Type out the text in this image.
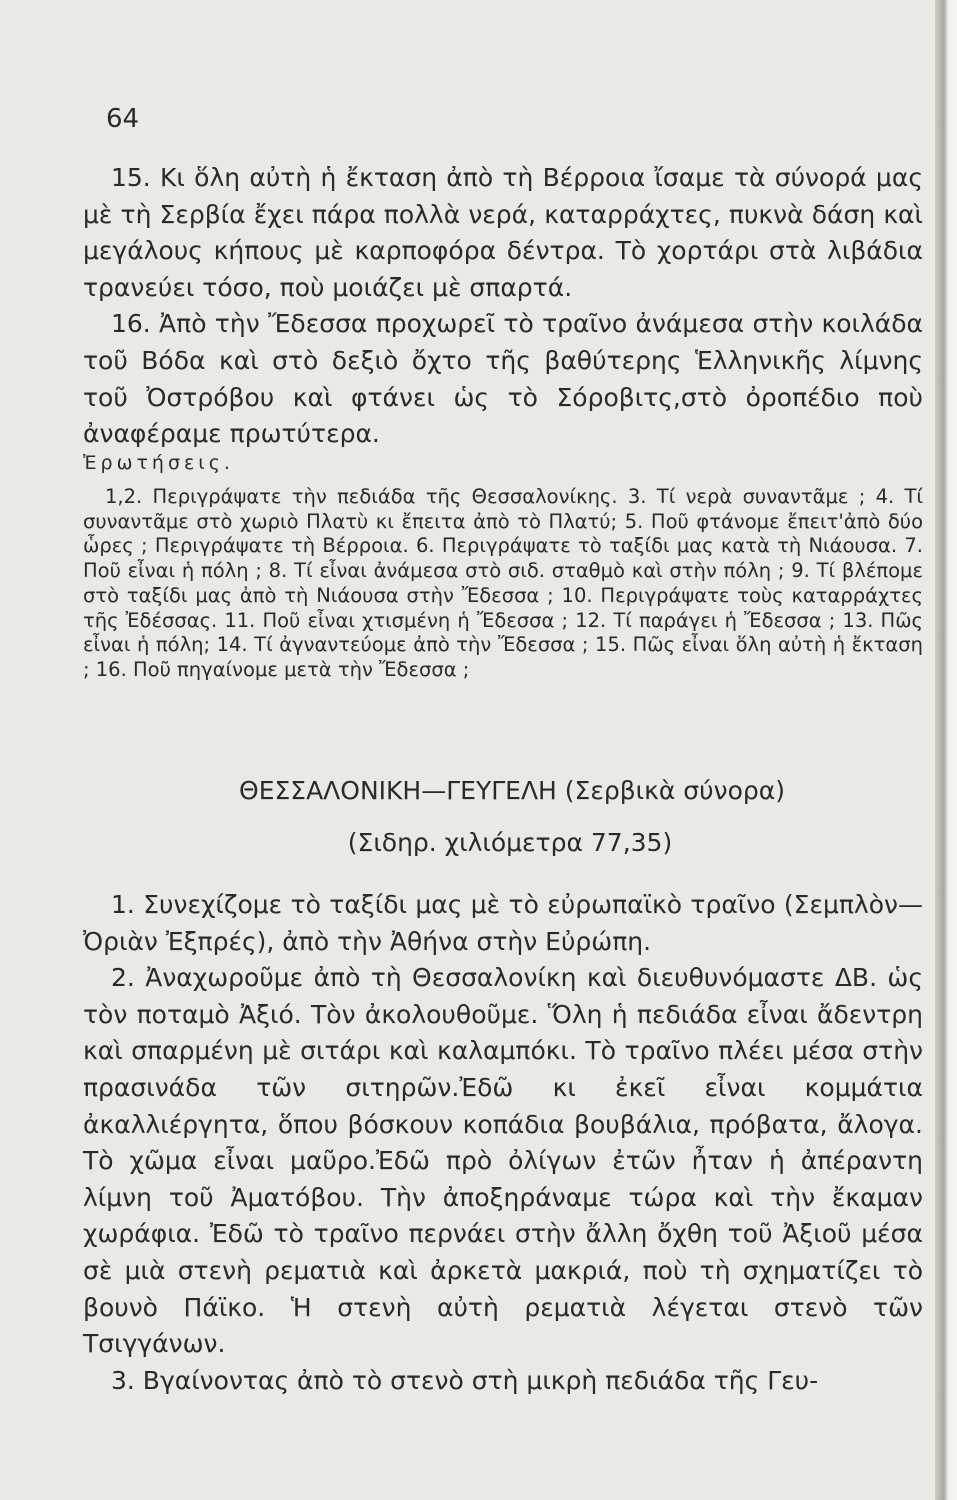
64

15. Κι ὅλη αὐτὴ ἡ ἔκταση ἀπὸ τὴ Βέρροια ἴσαμε τὰ σύνορά μας μὲ τὴ Σερβία ἔχει πάρα πολλὰ νερά, καταρράχτες, πυκνὰ δάση καὶ μεγάλους κήπους μὲ καρποφόρα δέντρα. Τὸ χορτάρι στὰ λιβάδια τρανεύει τόσο, ποὺ μοιάζει μὲ σπαρτά.

16. Ἀπὸ τὴν Ἔδεσσα προχωρεῖ τὸ τραῖνο ἀνάμεσα στὴν κοιλάδα τοῦ Βόδα καὶ στὸ δεξιὸ ὄχτο τῆς βαθύτερης Ἑλληνικῆς λίμνης τοῦ Ὀστρόβου καὶ φτάνει ὡς τὸ Σόροβιτς,στὸ ὀροπέδιο ποὺ ἀναφέραμε πρωτύτερα.

Ἐρωτήσεις.

1,2. Περιγράψατε τὴν πεδιάδα τῆς Θεσσαλονίκης. 3. Τί νερὰ συναντᾶμε ; 4. Τί συναντᾶμε στὸ χωριὸ Πλατὺ κι ἔπειτα ἀπὸ τὸ Πλατύ; 5. Ποῦ φτάνομε ἔπειτ'ἀπὸ δύο ὧρες ; Περιγράψατε τὴ Βέρροια. 6. Περιγράψατε τὸ ταξίδι μας κατὰ τὴ Νιάουσα. 7. Ποῦ εἶναι ἡ πόλη ; 8. Τί εἶναι ἀνάμεσα στὸ σιδ. σταθμὸ καὶ στὴν πόλη ; 9. Τί βλέπομε στὸ ταξίδι μας ἀπὸ τὴ Νιάουσα στὴν Ἔδεσσα ; 10. Περιγράψατε τοὺς καταρράχτες τῆς Ἐδέσσας. 11. Ποῦ εἶναι χτισμένη ἡ Ἔδεσσα ; 12. Τί παράγει ἡ Ἔδεσσα ; 13. Πῶς εἶναι ἡ πόλη; 14. Τί ἀγναντεύομε ἀπὸ τὴν Ἔδεσσα ; 15. Πῶς εἶναι ὅλη αὐτὴ ἡ ἔκταση ; 16. Ποῦ πηγαίνομε μετὰ τὴν Ἔδεσσα ;

ΘΕΣΣΑΛΟΝΙΚΗ—ΓΕΥΓΕΛΗ (Σερβικὰ σύνορα)
(Σιδηρ. χιλιόμετρα 77,35)

1. Συνεχίζομε τὸ ταξίδι μας μὲ τὸ εὐρωπαϊκὸ τραῖνο (Σεμπλὸν—Ὀριὰν Ἐξπρές), ἀπὸ τὴν Ἀθήνα στὴν Εὐρώπη.

2. Ἀναχωροῦμε ἀπὸ τὴ Θεσσαλονίκη καὶ διευθυνόμαστε ΔΒ. ὡς τὸν ποταμὸ Ἀξιό. Τὸν ἀκολουθοῦμε. Ὅλη ἡ πεδιάδα εἶναι ἄδεντρη καὶ σπαρμένη μὲ σιτάρι καὶ καλαμπόκι. Τὸ τραῖνο πλέει μέσα στὴν πρασινάδα τῶν σιτηρῶν.Ἐδῶ κι ἐκεῖ εἶναι κομμάτια ἀκαλλιέργητα, ὅπου βόσκουν κοπάδια βουβάλια, πρόβατα, ἄλογα. Τὸ χῶμα εἶναι μαῦρο.Ἐδῶ πρὸ ὀλίγων ἐτῶν ἦταν ἡ ἀπέραντη λίμνη τοῦ Ἀματόβου. Τὴν ἀποξηράναμε τώρα καὶ τὴν ἔκαμαν χωράφια. Ἐδῶ τὸ τραῖνο περνάει στὴν ἄλλη ὄχθη τοῦ Ἀξιοῦ μέσα σὲ μιὰ στενὴ ρεματιὰ καὶ ἀρκετὰ μακριά, ποὺ τὴ σχηματίζει τὸ βουνὸ Πάϊκο. Ἡ στενὴ αὐτὴ ρεματιὰ λέγεται στενὸ τῶν Τσιγγάνων.

3. Βγαίνοντας ἀπὸ τὸ στενὸ στὴ μικρὴ πεδιάδα τῆς Γευ-
